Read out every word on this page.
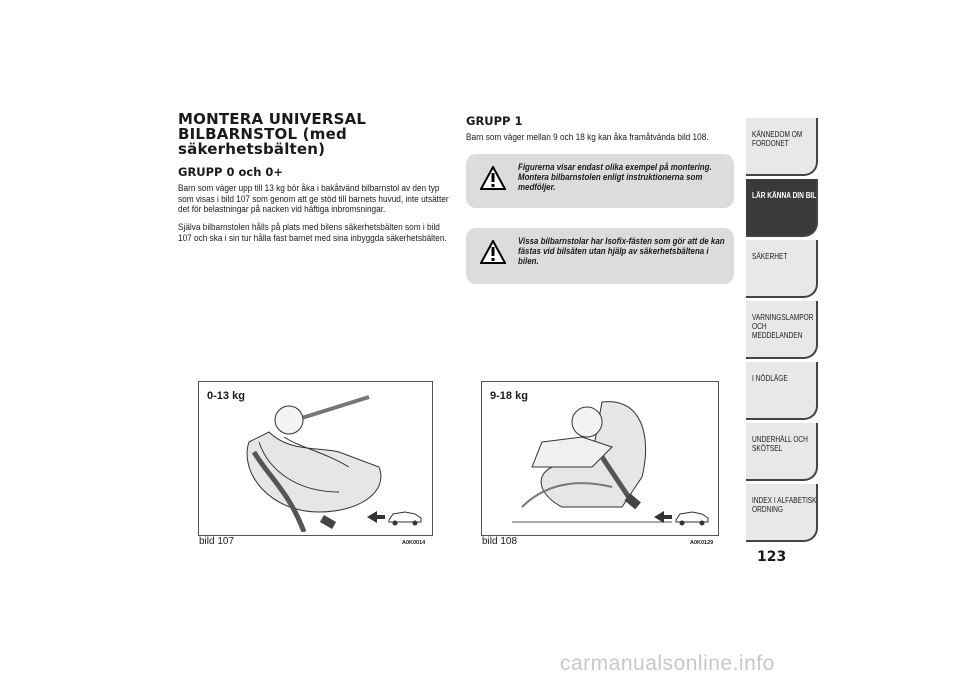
MONTERA UNIVERSAL
BILBARNSTOL (med
säkerhetsbälten)
GRUPP 0 och 0+
Barn som väger upp till 13 kg bör åka i bakåtvänd bilbarnstol av den typ som visas i bild 107 som genom att ge stöd till barnets huvud, inte utsätter det för belastningar på nacken vid häftiga inbromsningar.
Själva bilbarnstolen hålls på plats med bilens säkerhetsbälten som i bild 107 och ska i sin tur hålla fast barnet med sina inbyggda säkerhetsbälten.
GRUPP 1
Barn som väger mellan 9 och 18 kg kan åka framåtvända bild 108.
Figurerna visar endast olika exempel på montering. Montera bilbarnstolen enligt instruktionerna som medföljer.
Vissa bilbarnstolar har Isofix-fästen som gör att de kan fästas vid bilsäten utan hjälp av säkerhetsbältena i bilen.
0-13 kg
bild 107	A0K0014
9-18 kg
bild 108	A0K0129
KÄNNEDOM OM FORDONET
LÄR KÄNNA DIN BIL
SÄKERHET
VARNINGSLAMPOR OCH MEDDELANDEN
I NÖDLÄGE
UNDERHÅLL OCH SKÖTSEL
INDEX I ALFABETISK ORDNING
123
carmanualsonline.info
